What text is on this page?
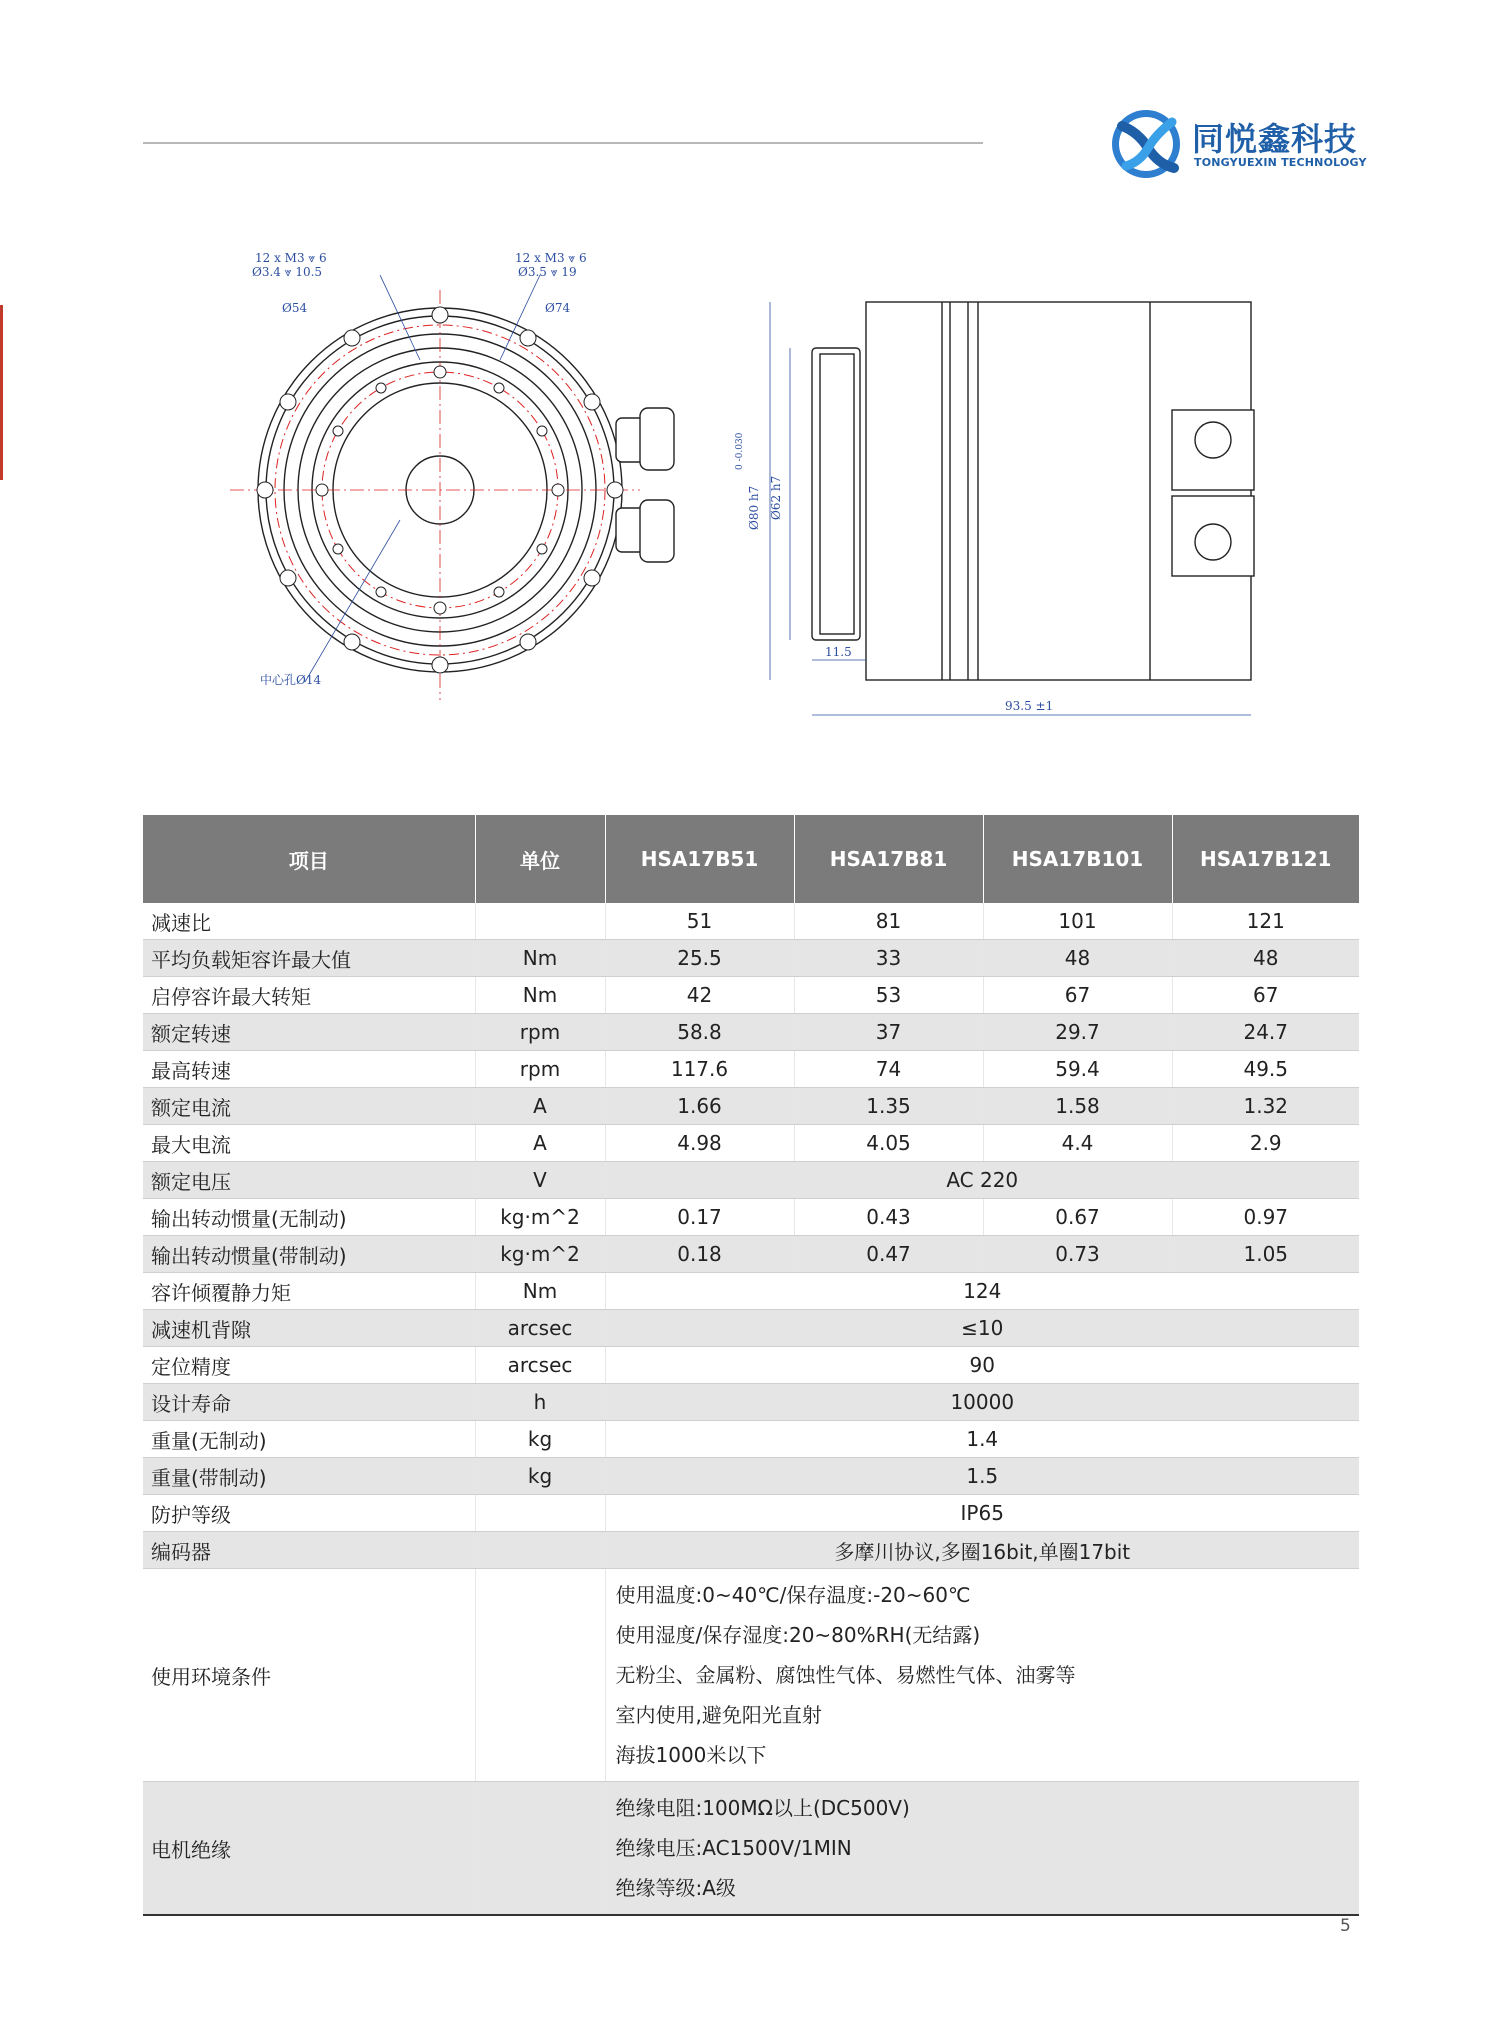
同悦鑫科技
TONGYUEXIN TECHNOLOGY
12 x M3 ⩔ 6
Ø3.4 ⩔ 10.5
12 x M3 ⩔ 6
Ø3.5 ⩔ 19
Ø54	Ø74
中心孔Ø14
Ø80 h7 Ø62 h7
0 -0.030
11.5
93.5 ±1
项目	单位	HSA17B51	HSA17B81	HSA17B101	HSA17B121
减速比		51	81	101	121
平均负载矩容许最大值	Nm	25.5	33	48	48
启停容许最大转矩	Nm	42	53	67	67
额定转速	rpm	58.8	37	29.7	24.7
最高转速	rpm	117.6	74	59.4	49.5
额定电流	A	1.66	1.35	1.58	1.32
最大电流	A	4.98	4.05	4.4	2.9
额定电压	V	AC 220			
输出转动惯量(无制动)	kg·m^2	0.17	0.43	0.67	0.97
输出转动惯量(带制动)	kg·m^2	0.18	0.47	0.73	1.05
容许倾覆静力矩	Nm	124			
减速机背隙	arcsec	≤10			
定位精度	arcsec	90			
设计寿命	h	10000			
重量(无制动)	kg	1.4			
重量(带制动)	kg	1.5			
防护等级		IP65			
编码器		多摩川协议,多圈16bit,单圈17bit			
使用环境条件		使用温度:0~40℃/保存温度:-20~60℃
使用湿度/保存湿度:20~80%RH(无结露)
无粉尘、金属粉、腐蚀性气体、易燃性气体、油雾等
室内使用,避免阳光直射
海拔1000米以下			

电机绝缘		绝缘电阻:100MΩ以上(DC500V)
绝缘电压:AC1500V/1MIN
绝缘等级:A级			
5
